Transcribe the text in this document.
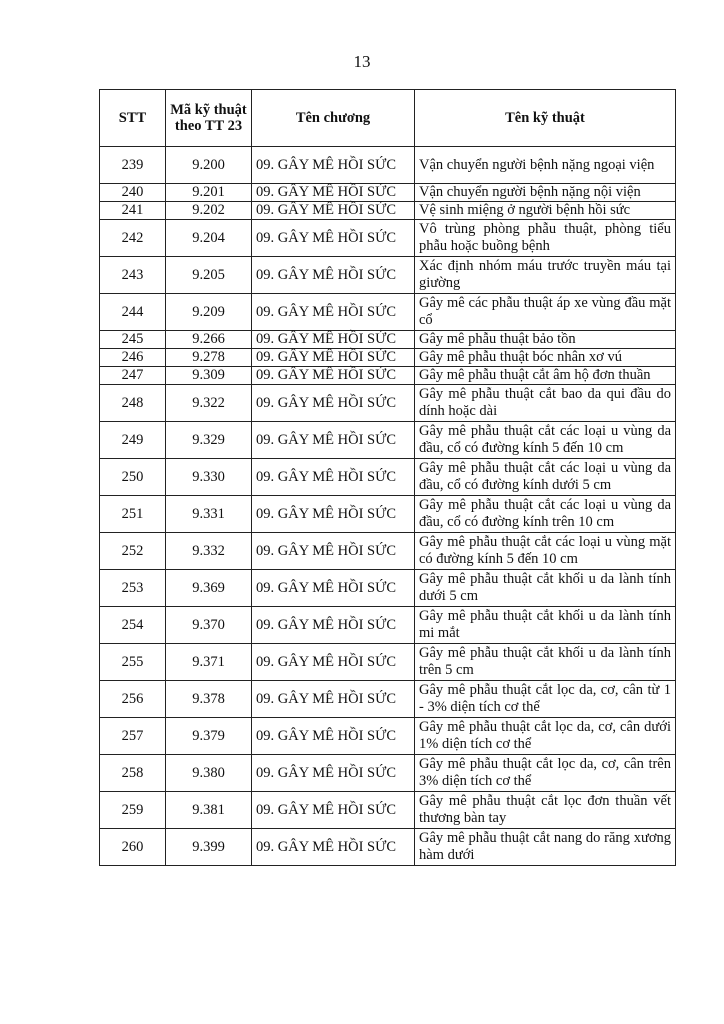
13
STT	Mã kỹ thuật theo TT 23	Tên chương	Tên kỹ thuật
239	9.200	09. GÂY MÊ HỒI SỨC	Vận chuyển người bệnh nặng ngoại viện
240	9.201	09. GÂY MÊ HỒI SỨC	Vận chuyển người bệnh nặng nội viện
241	9.202	09. GÂY MÊ HỒI SỨC	Vệ sinh miệng ở người bệnh hồi sức
242	9.204	09. GÂY MÊ HỒI SỨC	Vô trùng phòng phẫu thuật, phòng tiểu phẫu hoặc buồng bệnh
243	9.205	09. GÂY MÊ HỒI SỨC	Xác định nhóm máu trước truyền máu tại giường
244	9.209	09. GÂY MÊ HỒI SỨC	Gây mê các phẫu thuật áp xe vùng đầu mặt cổ
245	9.266	09. GÂY MÊ HỒI SỨC	Gây mê phẫu thuật bảo tồn
246	9.278	09. GÂY MÊ HỒI SỨC	Gây mê phẫu thuật bóc nhân xơ vú
247	9.309	09. GÂY MÊ HỒI SỨC	Gây mê phẫu thuật cắt âm hộ đơn thuần
248	9.322	09. GÂY MÊ HỒI SỨC	Gây mê phẫu thuật cắt bao da qui đầu do dính hoặc dài
249	9.329	09. GÂY MÊ HỒI SỨC	Gây mê phẫu thuật cắt các loại u vùng da đầu, cổ có đường kính 5 đến 10 cm
250	9.330	09. GÂY MÊ HỒI SỨC	Gây mê phẫu thuật cắt các loại u vùng da đầu, cổ có đường kính dưới 5 cm
251	9.331	09. GÂY MÊ HỒI SỨC	Gây mê phẫu thuật cắt các loại u vùng da đầu, cổ có đường kính trên 10 cm
252	9.332	09. GÂY MÊ HỒI SỨC	Gây mê phẫu thuật cắt các loại u vùng mặt có đường kính 5 đến 10 cm
253	9.369	09. GÂY MÊ HỒI SỨC	Gây mê phẫu thuật cắt khối u da lành tính dưới 5 cm
254	9.370	09. GÂY MÊ HỒI SỨC	Gây mê phẫu thuật cắt khối u da lành tính mi mắt
255	9.371	09. GÂY MÊ HỒI SỨC	Gây mê phẫu thuật cắt khối u da lành tính trên 5 cm
256	9.378	09. GÂY MÊ HỒI SỨC	Gây mê phẫu thuật cắt lọc da, cơ, cân từ 1 - 3% diện tích cơ thể
257	9.379	09. GÂY MÊ HỒI SỨC	Gây mê phẫu thuật cắt lọc da, cơ, cân dưới 1% diện tích cơ thể
258	9.380	09. GÂY MÊ HỒI SỨC	Gây mê phẫu thuật cắt lọc da, cơ, cân trên 3% diện tích cơ thể
259	9.381	09. GÂY MÊ HỒI SỨC	Gây mê phẫu thuật cắt lọc đơn thuần vết thương bàn tay
260	9.399	09. GÂY MÊ HỒI SỨC	Gây mê phẫu thuật cắt nang do răng xương hàm dưới
